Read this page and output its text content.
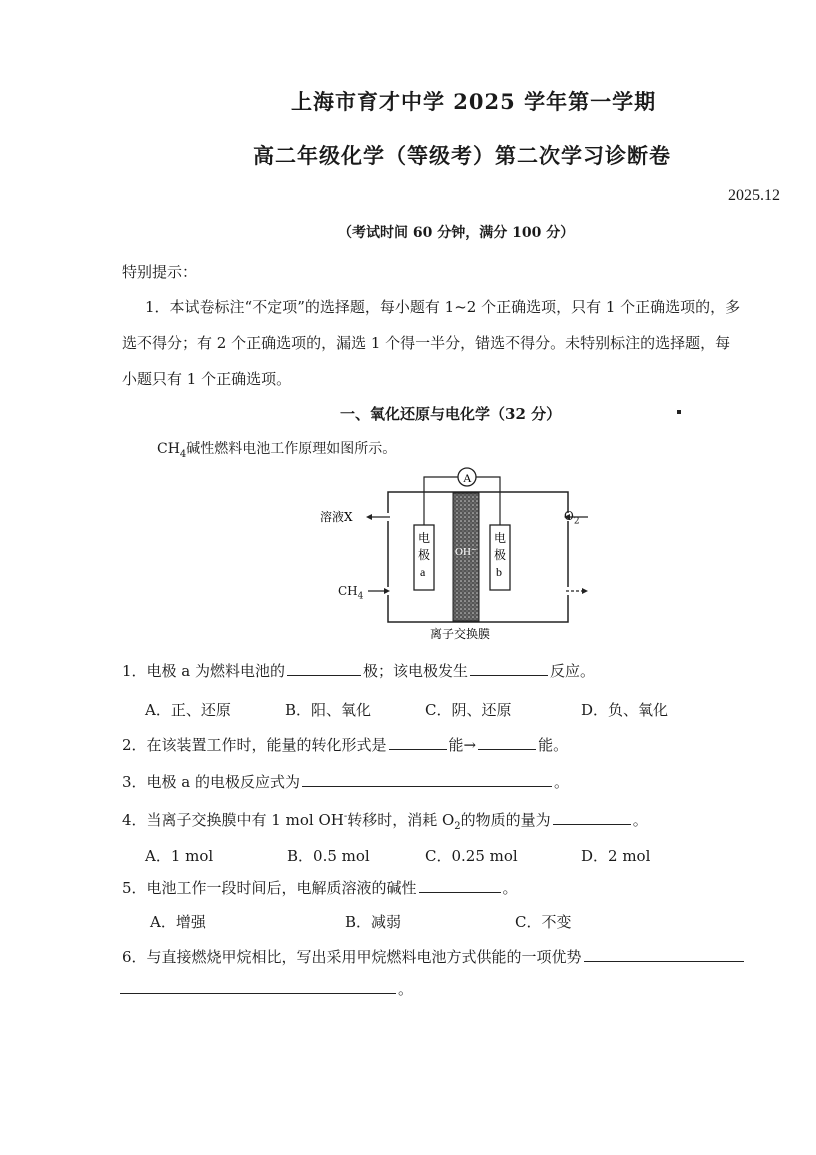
上海市育才中学 2025 学年第一学期
高二年级化学（等级考）第二次学习诊断卷
2025.12
（考试时间 60 分钟，满分 100 分）
特别提示：
1．本试卷标注“不定项”的选择题，每小题有 1~2 个正确选项，只有 1 个正确选项的，多
选不得分；有 2 个正确选项的，漏选 1 个得一半分，错选不得分。未特别标注的选择题，每
小题只有 1 个正确选项。
一、氧化还原与电化学（32 分）
$CH_4$碱性燃料电池工作原理如图所示。
A
溶液X
电
极
a
电
极
b
OH⁻
离子交换膜
$O_2$
$CH_4$
1．电极 a 为燃料电池的	极；该电极发生	反应。
A．正、还原	B．阳、氧化	C．阴、还原	D．负、氧化
2．在该装置工作时，能量的转化形式是	能→	能。
3．电极 a 的电极反应式为	。
4．当离子交换膜中有 1 mol OH-转移时，消耗 $O_2$的物质的量为	。
A．1 mol	B．0.5 mol	C．0.25 mol	D．2 mol
5．电池工作一段时间后，电解质溶液的碱性	。
A．增强	B．减弱	C．不变
6．与直接燃烧甲烷相比，写出采用甲烷燃料电池方式供能的一项优势
。
